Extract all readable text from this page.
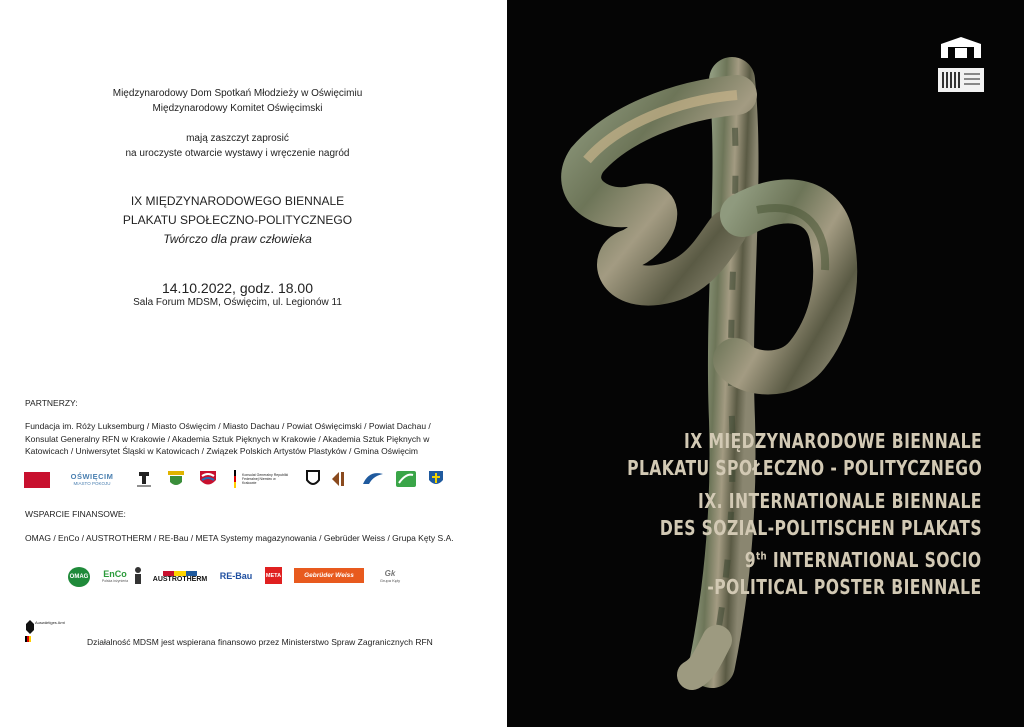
Międzynarodowy Dom Spotkań Młodzieży w Oświęcimiu
Międzynarodowy Komitet Oświęcimski
mają zaszczyt zaprosić
na uroczyste otwarcie wystawy i wręczenie nagród
IX MIĘDZYNARODOWEGO BIENNALE
PLAKATU SPOŁECZNO-POLITYCZNEGO
Twórczo dla praw człowieka
14.10.2022, godz. 18.00
Sala Forum MDSM, Oświęcim, ul. Legionów 11
PARTNERZY:
Fundacja im. Róży Luksemburg / Miasto Oświęcim / Miasto Dachau / Powiat Oświęcimski / Powiat Dachau / Konsulat Generalny RFN w Krakowie / Akademia Sztuk Pięknych w Krakowie / Akademia Sztuk Pięknych w Katowicach / Uniwersytet Śląski w Katowicach / Związek Polskich Artystów Plastyków / Gmina Oświęcim
OŚWIĘCIM
MIASTO POKOJU
Konsulat Generalny Republiki Federalnej Niemiec w Krakowie
WSPARCIE FINANSOWE:
OMAG / EnCo / AUSTROTHERM / RE-Bau / META Systemy magazynowania / Gebrüder Weiss / Grupa Kęty S.A.
OMAG EnCo
Polska inżynieria	AUSTROTHERM RE-Bau	META	Gebrüder Weiss	Gk
Grupa Kęty
Auswärtiges Amt
Działalność MDSM jest wspierana finansowo przez Ministerstwo Spraw Zagranicznych RFN
IX MIĘDZYNARODOWE BIENNALE
PLAKATU SPOŁECZNO - POLITYCZNEGO
IX. INTERNATIONALE BIENNALE
DES SOZIAL-POLITISCHEN PLAKATS
9th INTERNATIONAL SOCIO
-POLITICAL POSTER BIENNALE
